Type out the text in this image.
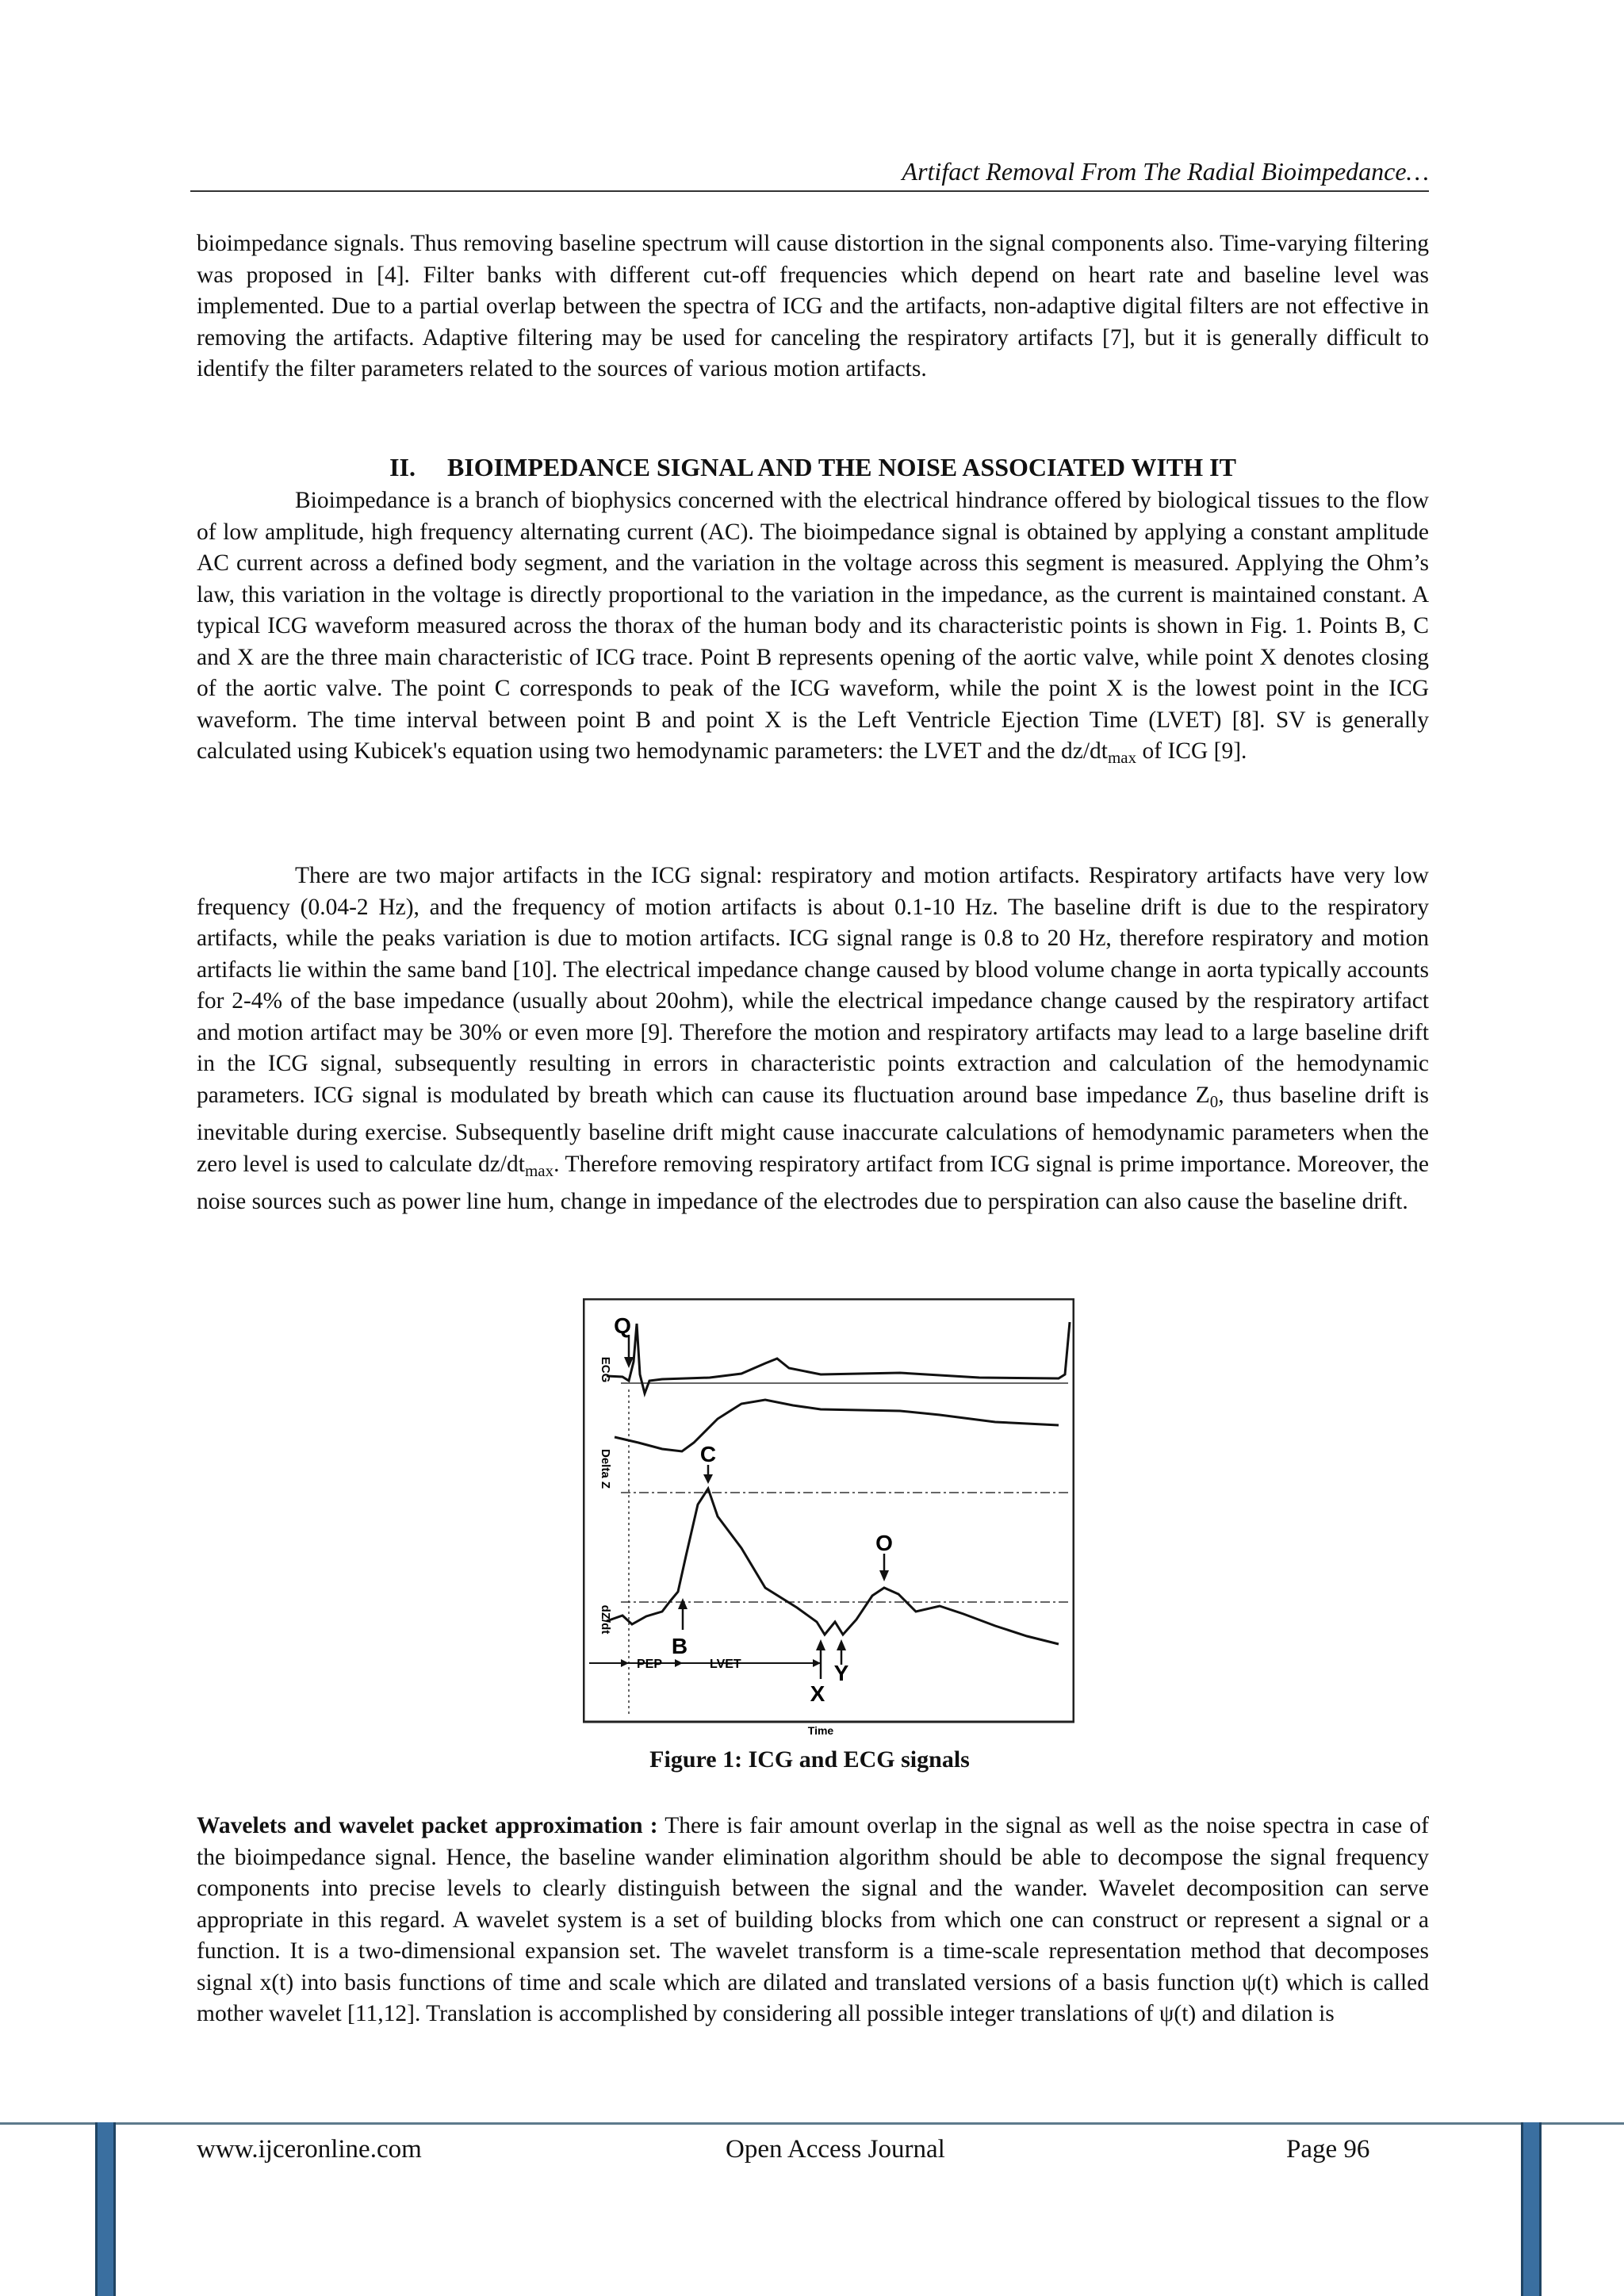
Artifact Removal From The Radial Bioimpedance…

bioimpedance signals. Thus removing baseline spectrum will cause distortion in the signal components also. Time-varying filtering was proposed in [4]. Filter banks with different cut-off frequencies which depend on heart rate and baseline level was implemented. Due to a partial overlap between the spectra of ICG and the artifacts, non-adaptive digital filters are not effective in removing the artifacts. Adaptive filtering may be used for canceling the respiratory artifacts [7], but it is generally difficult to identify the filter parameters related to the sources of various motion artifacts.

II. BIOIMPEDANCE SIGNAL AND THE NOISE ASSOCIATED WITH IT

Bioimpedance is a branch of biophysics concerned with the electrical hindrance offered by biological tissues to the flow of low amplitude, high frequency alternating current (AC). The bioimpedance signal is obtained by applying a constant amplitude AC current across a defined body segment, and the variation in the voltage across this segment is measured. Applying the Ohm’s law, this variation in the voltage is directly proportional to the variation in the impedance, as the current is maintained constant. A typical ICG waveform measured across the thorax of the human body and its characteristic points is shown in Fig. 1. Points B, C and X are the three main characteristic of ICG trace. Point B represents opening of the aortic valve, while point X denotes closing of the aortic valve. The point C corresponds to peak of the ICG waveform, while the point X is the lowest point in the ICG waveform. The time interval between point B and point X is the Left Ventricle Ejection Time (LVET) [8]. SV is generally calculated using Kubicek's equation using two hemodynamic parameters: the LVET and the $dz/dt_{max}$ of ICG [9].

There are two major artifacts in the ICG signal: respiratory and motion artifacts. Respiratory artifacts have very low frequency (0.04-2 Hz), and the frequency of motion artifacts is about 0.1-10 Hz. The baseline drift is due to the respiratory artifacts, while the peaks variation is due to motion artifacts. ICG signal range is 0.8 to 20 Hz, therefore respiratory and motion artifacts lie within the same band [10]. The electrical impedance change caused by blood volume change in aorta typically accounts for 2-4% of the base impedance (usually about 20ohm), while the electrical impedance change caused by the respiratory artifact and motion artifact may be 30% or even more [9]. Therefore the motion and respiratory artifacts may lead to a large baseline drift in the ICG signal, subsequently resulting in errors in characteristic points extraction and calculation of the hemodynamic parameters. ICG signal is modulated by breath which can cause its fluctuation around base impedance $Z_0$, thus baseline drift is inevitable during exercise. Subsequently baseline drift might cause inaccurate calculations of hemodynamic parameters when the zero level is used to calculate $dz/dt_{max}$. Therefore removing respiratory artifact from ICG signal is prime importance. Moreover, the noise sources such as power line hum, change in impedance of the electrodes due to perspiration can also cause the baseline drift.

Q
C
O
B
X
Y
PEP	LVET
ECG
Delta Z
dZ/dt
Time

Figure 1: ICG and ECG signals

Wavelets and wavelet packet approximation : There is fair amount overlap in the signal as well as the noise spectra in case of the bioimpedance signal. Hence, the baseline wander elimination algorithm should be able to decompose the signal frequency components into precise levels to clearly distinguish between the signal and the wander. Wavelet decomposition can serve appropriate in this regard. A wavelet system is a set of building blocks from which one can construct or represent a signal or a function. It is a two-dimensional expansion set. The wavelet transform is a time-scale representation method that decomposes signal x(t) into basis functions of time and scale which are dilated and translated versions of a basis function ψ(t) which is called mother wavelet [11,12]. Translation is accomplished by considering all possible integer translations of ψ(t) and dilation is

www.ijceronline.com	Open Access Journal	Page 96
